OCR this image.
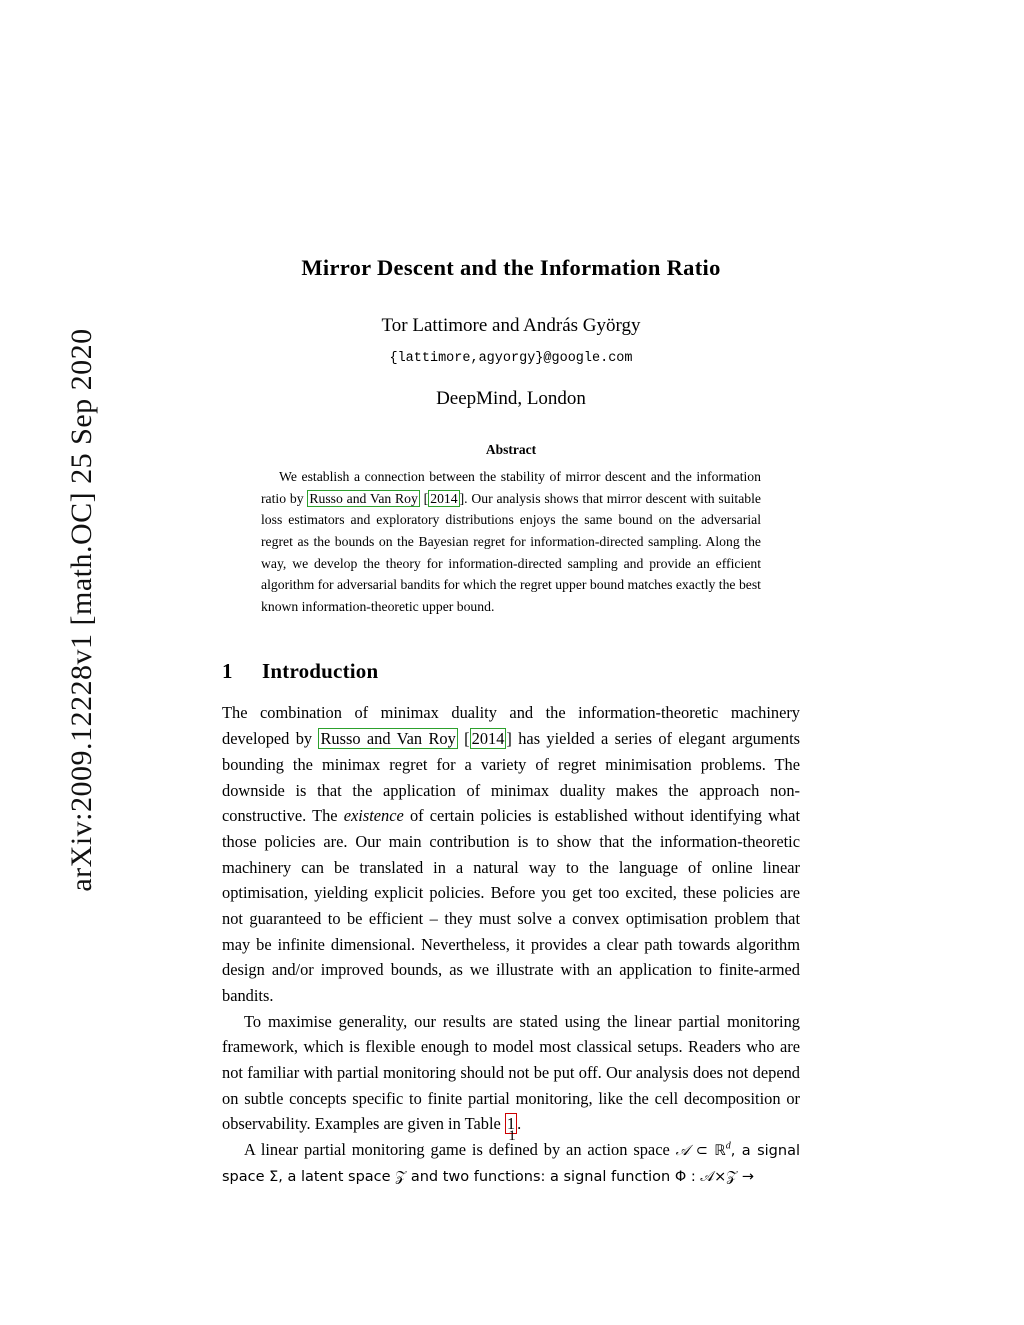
arXiv:2009.12228v1 [math.OC] 25 Sep 2020
Mirror Descent and the Information Ratio
Tor Lattimore and András György
{lattimore,agyorgy}@google.com
DeepMind, London
Abstract

We establish a connection between the stability of mirror descent and the information ratio by Russo and Van Roy [ 2014 ]. Our analysis shows that mirror descent with suitable loss estimators and exploratory distributions enjoys the same bound on the adversarial regret as the bounds on the Bayesian regret for information-directed sampling. Along the way, we develop the theory for information-directed sampling and provide an efficient algorithm for adversarial bandits for which the regret upper bound matches exactly the best known information-theoretic upper bound.

1 Introduction

The combination of minimax duality and the information-theoretic machinery developed by Russo and Van Roy [ 2014 ] has yielded a series of elegant arguments bounding the minimax regret for a variety of regret minimisation problems. The downside is that the application of minimax duality makes the approach non-constructive. The existence of certain policies is established without identifying what those policies are. Our main contribution is to show that the information-theoretic machinery can be translated in a natural way to the language of online linear optimisation, yielding explicit policies. Before you get too excited, these policies are not guaranteed to be efficient – they must solve a convex optimisation problem that may be infinite dimensional. Nevertheless, it provides a clear path towards algorithm design and/or improved bounds, as we illustrate with an application to finite-armed bandits.

To maximise generality, our results are stated using the linear partial monitoring framework, which is flexible enough to model most classical setups. Readers who are not familiar with partial monitoring should not be put off. Our analysis does not depend on subtle concepts specific to finite partial monitoring, like the cell decomposition or observability. Examples are given in Table 1 .

A linear partial monitoring game is defined by an action space 𝒜 ⊂ ℝ$^d$, a signal space Σ, a latent space 𝒵 and two functions: a signal function Φ : 𝒜×𝒵 →

1
